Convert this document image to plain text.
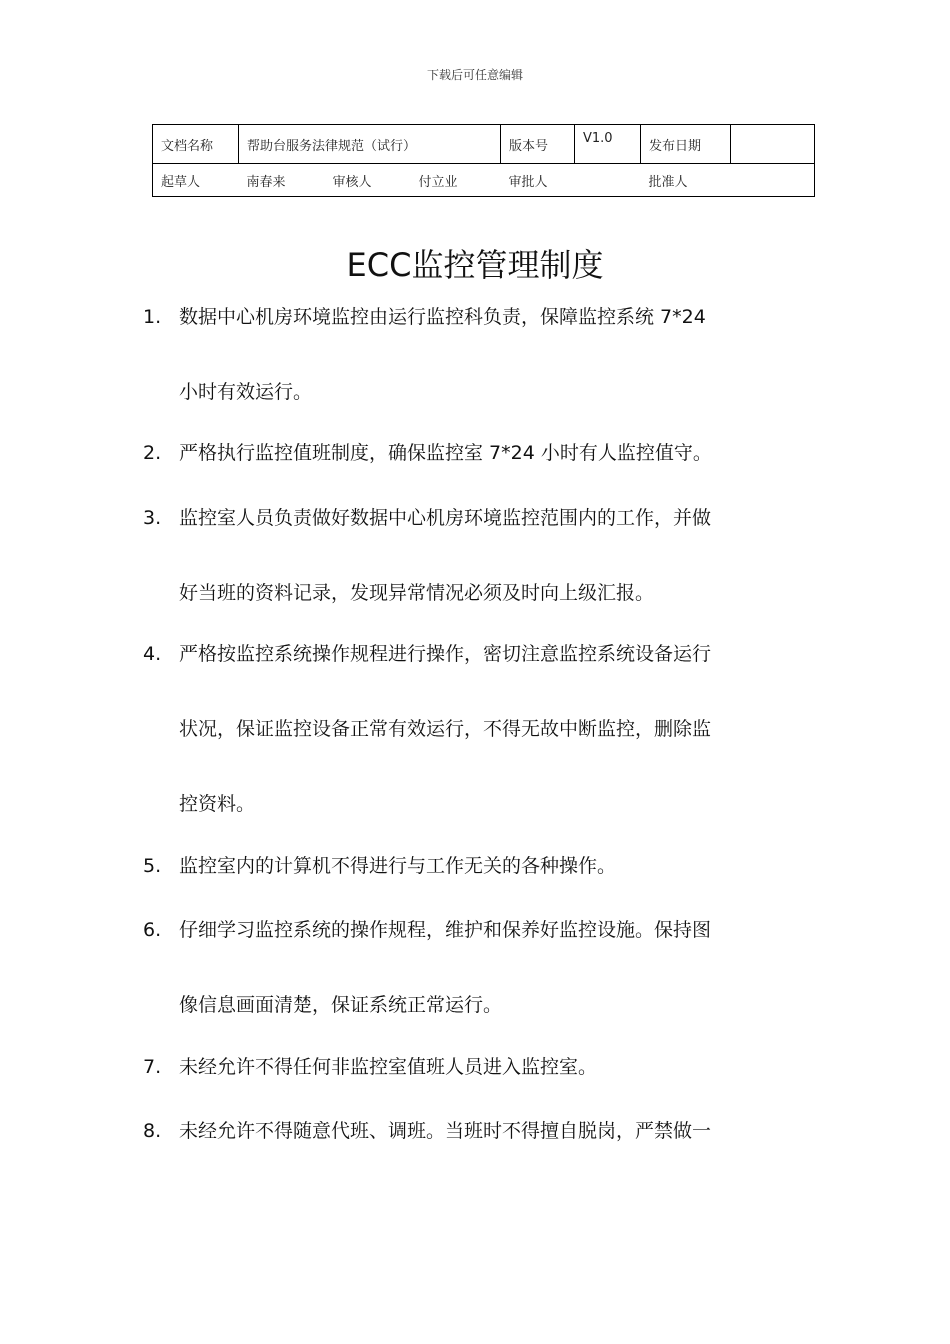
下载后可任意编辑
文档名称	帮助台服务法律规范（试行）			版本号	V1.0	发布日期	
起草人	南春来	审核人	付立业	审批人		批准人	
ECC监控管理制度
1. 数据中心机房环境监控由运行监控科负责，保障监控系统 7*24
小时有效运行。
2. 严格执行监控值班制度，确保监控室 7*24 小时有人监控值守。
3. 监控室人员负责做好数据中心机房环境监控范围内的工作，并做
好当班的资料记录，发现异常情况必须及时向上级汇报。
4. 严格按监控系统操作规程进行操作，密切注意监控系统设备运行
状况，保证监控设备正常有效运行，不得无故中断监控，删除监
控资料。
5. 监控室内的计算机不得进行与工作无关的各种操作。
6. 仔细学习监控系统的操作规程，维护和保养好监控设施。保持图
像信息画面清楚，保证系统正常运行。
7. 未经允许不得任何非监控室值班人员进入监控室。
8. 未经允许不得随意代班、调班。当班时不得擅自脱岗，严禁做一
